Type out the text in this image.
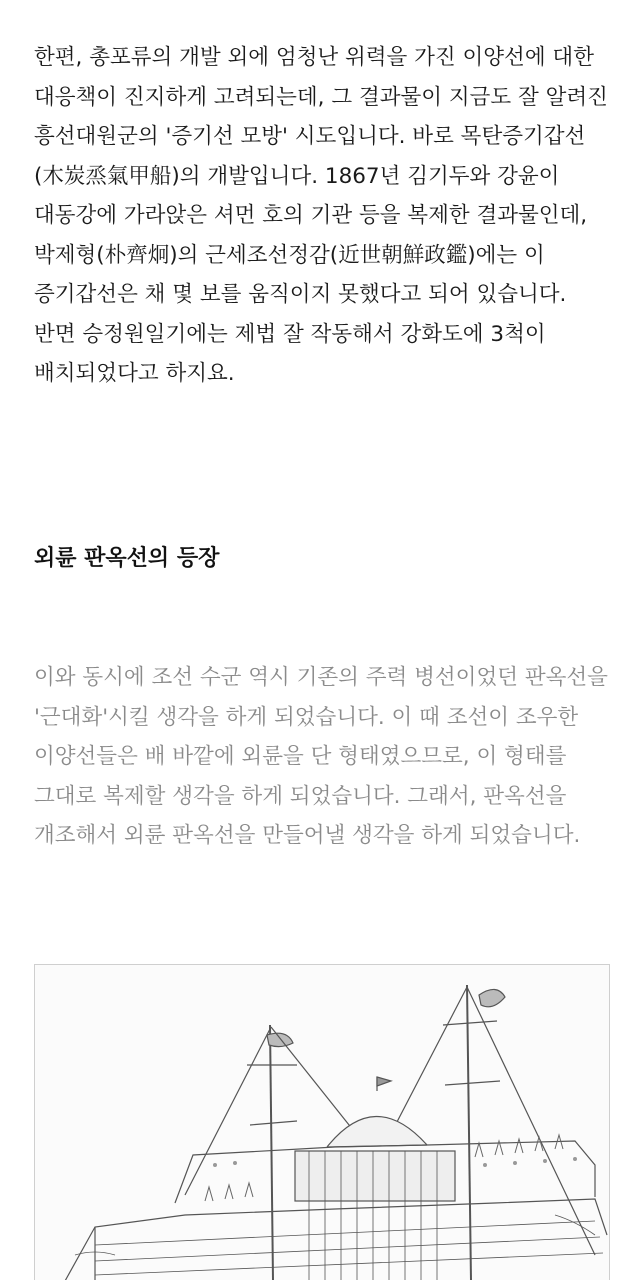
한편, 총포류의 개발 외에 엄청난 위력을 가진 이양선에 대한 대응책이 진지하게 고려되는데, 그 결과물이 지금도 잘 알려진 흥선대원군의 '증기선 모방' 시도입니다. 바로 목탄증기갑선(木炭烝氣甲船)의 개발입니다. 1867년 김기두와 강윤이 대동강에 가라앉은 셔먼 호의 기관 등을 복제한 결과물인데, 박제형(朴齊炯)의 근세조선정감(近世朝鮮政鑑)에는 이 증기갑선은 채 몇 보를 움직이지 못했다고 되어 있습니다. 반면 승정원일기에는 제법 잘 작동해서 강화도에 3척이 배치되었다고 하지요.

외륜 판옥선의 등장

이와 동시에 조선 수군 역시 기존의 주력 병선이었던 판옥선을 '근대화'시킬 생각을 하게 되었습니다. 이 때 조선이 조우한 이양선들은 배 바깥에 외륜을 단 형태였으므로, 이 형태를 그대로 복제할 생각을 하게 되었습니다. 그래서, 판옥선을 개조해서 외륜 판옥선을 만들어낼 생각을 하게 되었습니다.
